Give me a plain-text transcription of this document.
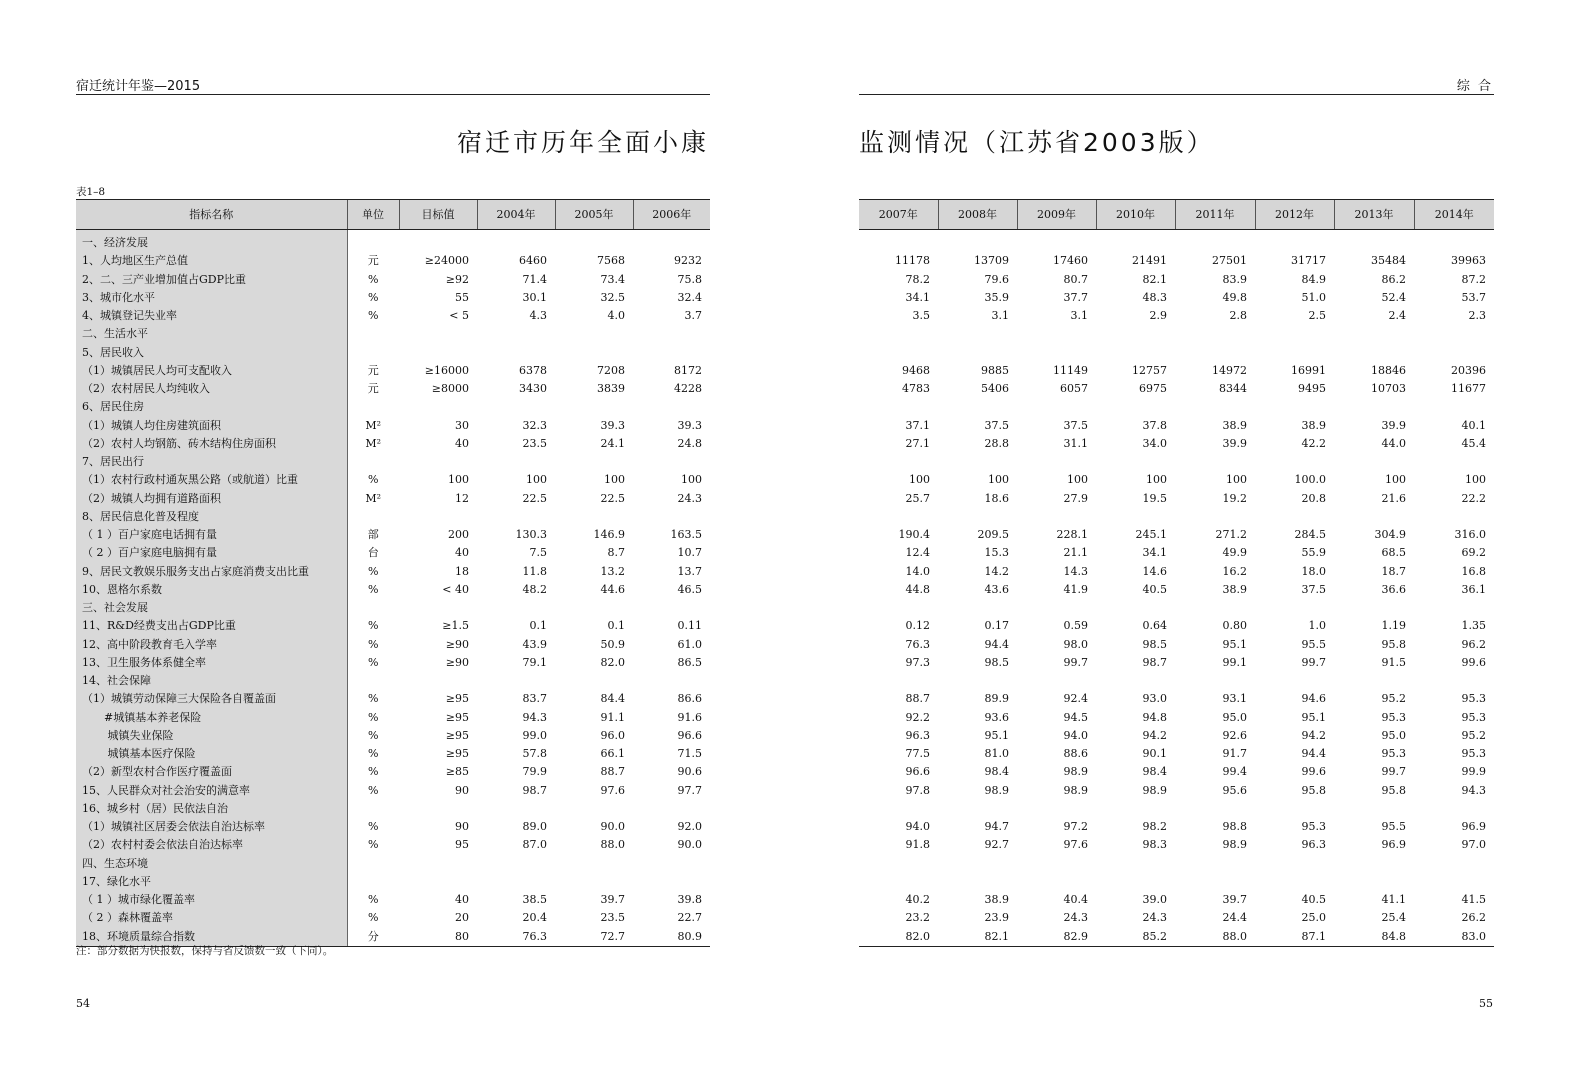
宿迁统计年鉴—2015	综 合
宿迁市历年全面小康	监测情况（江苏省2003版）
表1–8
指标名称	单位	目标值	2004年	2005年	2006年

一、经济发展					
1、人均地区生产总值	元	≥24000	6460	7568	9232
2、二、三产业增加值占GDP比重	%	≥92	71.4	73.4	75.8
3、城市化水平	%	55	30.1	32.5	32.4
4、城镇登记失业率	%	< 5	4.3	4.0	3.7
二、生活水平					
5、居民收入					
（1）城镇居民人均可支配收入	元	≥16000	6378	7208	8172
（2）农村居民人均纯收入	元	≥8000	3430	3839	4228
6、居民住房					
（1）城镇人均住房建筑面积	M²	30	32.3	39.3	39.3
（2）农村人均钢筋、砖木结构住房面积	M²	40	23.5	24.1	24.8
7、居民出行					
（1）农村行政村通灰黑公路（或航道）比重	%	100	100	100	100
（2）城镇人均拥有道路面积	M²	12	22.5	22.5	24.3
8、居民信息化普及程度					
（ 1 ）百户家庭电话拥有量	部	200	130.3	146.9	163.5
（ 2 ）百户家庭电脑拥有量	台	40	7.5	8.7	10.7
9、居民文教娱乐服务支出占家庭消费支出比重	%	18	11.8	13.2	13.7
10、恩格尔系数	%	< 40	48.2	44.6	46.5
三、社会发展					
11、R&D经费支出占GDP比重	%	≥1.5	0.1	0.1	0.11
12、高中阶段教育毛入学率	%	≥90	43.9	50.9	61.0
13、卫生服务体系健全率	%	≥90	79.1	82.0	86.5
14、社会保障					
（1）城镇劳动保障三大保险各自覆盖面	%	≥95	83.7	84.4	86.6
　　#城镇基本养老保险	%	≥95	94.3	91.1	91.6
　　 城镇失业保险	%	≥95	99.0	96.0	96.6
　　 城镇基本医疗保险	%	≥95	57.8	66.1	71.5
（2）新型农村合作医疗覆盖面	%	≥85	79.9	88.7	90.6
15、人民群众对社会治安的满意率	%	90	98.7	97.6	97.7
16、城乡村（居）民依法自治					
（1）城镇社区居委会依法自治达标率	%	90	89.0	90.0	92.0
（2）农村村委会依法自治达标率	%	95	87.0	88.0	90.0
四、生态环境					
17、绿化水平					
（ 1 ）城市绿化覆盖率	%	40	38.5	39.7	39.8
（ 2 ）森林覆盖率	%	20	20.4	23.5	22.7
18、环境质量综合指数	分	80	76.3	72.7	80.9
2007年	2008年	2009年	2010年	2011年	2012年	2013年	2014年

11178	13709	17460	21491	27501	31717	35484	39963
78.2	79.6	80.7	82.1	83.9	84.9	86.2	87.2
34.1	35.9	37.7	48.3	49.8	51.0	52.4	53.7
3.5	3.1	3.1	2.9	2.8	2.5	2.4	2.3

9468	9885	11149	12757	14972	16991	18846	20396
4783	5406	6057	6975	8344	9495	10703	11677

37.1	37.5	37.5	37.8	38.9	38.9	39.9	40.1
27.1	28.8	31.1	34.0	39.9	42.2	44.0	45.4

100	100	100	100	100	100.0	100	100
25.7	18.6	27.9	19.5	19.2	20.8	21.6	22.2

190.4	209.5	228.1	245.1	271.2	284.5	304.9	316.0
12.4	15.3	21.1	34.1	49.9	55.9	68.5	69.2
14.0	14.2	14.3	14.6	16.2	18.0	18.7	16.8
44.8	43.6	41.9	40.5	38.9	37.5	36.6	36.1

0.12	0.17	0.59	0.64	0.80	1.0	1.19	1.35
76.3	94.4	98.0	98.5	95.1	95.5	95.8	96.2
97.3	98.5	99.7	98.7	99.1	99.7	91.5	99.6

88.7	89.9	92.4	93.0	93.1	94.6	95.2	95.3
92.2	93.6	94.5	94.8	95.0	95.1	95.3	95.3
96.3	95.1	94.0	94.2	92.6	94.2	95.0	95.2
77.5	81.0	88.6	90.1	91.7	94.4	95.3	95.3
96.6	98.4	98.9	98.4	99.4	99.6	99.7	99.9
97.8	98.9	98.9	98.9	95.6	95.8	95.8	94.3

94.0	94.7	97.2	98.2	98.8	95.3	95.5	96.9
91.8	92.7	97.6	98.3	98.9	96.3	96.9	97.0

40.2	38.9	40.4	39.0	39.7	40.5	41.1	41.5
23.2	23.9	24.3	24.3	24.4	25.0	25.4	26.2
82.0	82.1	82.9	85.2	88.0	87.1	84.8	83.0
注：部分数据为快报数，保持与省反馈数一致（下同）。
54	55
